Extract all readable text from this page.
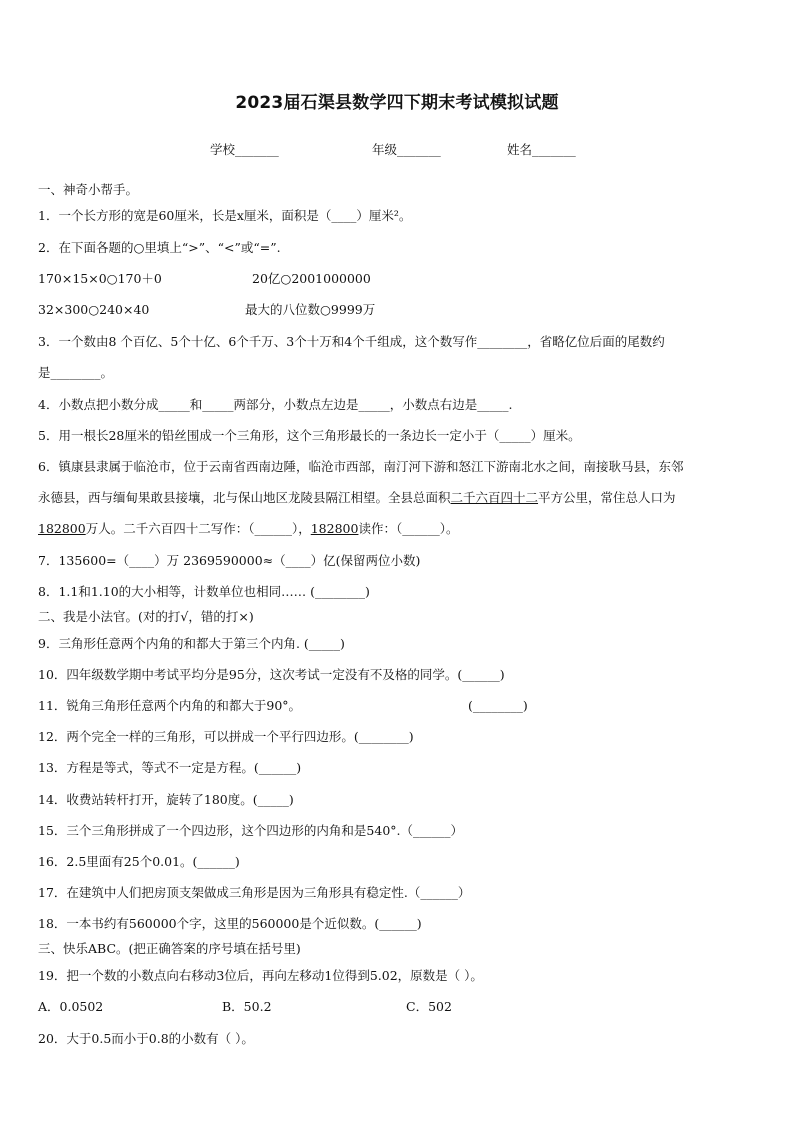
2023届石渠县数学四下期末考试模拟试题
学校_______	年级_______	姓名_______
一、神奇小帮手。
1．一个长方形的宽是60厘米，长是x厘米，面积是（____）厘米²。
2．在下面各题的○里填上“>”、“<”或“=”.
170×15×0○170＋0	20亿○2001000000
32×300○240×40	最大的八位数○9999万
3．一个数由8 个百亿、5个十亿、6个千万、3个十万和4个千组成，这个数写作________，省略亿位后面的尾数约
是________。
4．小数点把小数分成_____和_____两部分，小数点左边是_____，小数点右边是_____.
5．用一根长28厘米的铅丝围成一个三角形，这个三角形最长的一条边长一定小于（_____）厘米。
6．镇康县隶属于临沧市，位于云南省西南边陲，临沧市西部，南汀河下游和怒江下游南北水之间，南接耿马县，东邻
永德县，西与缅甸果敢县接壤，北与保山地区龙陵县隔江相望。全县总面积二千六百四十二平方公里，常住总人口为
182800万人。二千六百四十二写作：（______），182800读作：（______）。
7．135600=（____）万 2369590000≈（____）亿(保留两位小数)
8．1.1和1.10的大小相等，计数单位也相同…… (________)
二、我是小法官。(对的打√，错的打×)
9．三角形任意两个内角的和都大于第三个内角. (_____)
10．四年级数学期中考试平均分是95分，这次考试一定没有不及格的同学。(______)
11．锐角三角形任意两个内角的和都大于90°。	(________)
12．两个完全一样的三角形，可以拼成一个平行四边形。(________)
13．方程是等式，等式不一定是方程。(______)
14．收费站转杆打开，旋转了180度。(_____)
15．三个三角形拼成了一个四边形，这个四边形的内角和是540°.（______）
16．2.5里面有25个0.01。(______)
17．在建筑中人们把房顶支架做成三角形是因为三角形具有稳定性.（______）
18．一本书约有560000个字，这里的560000是个近似数。(______)
三、快乐ABC。(把正确答案的序号填在括号里)
19．把一个数的小数点向右移动3位后，再向左移动1位得到5.02，原数是（ ）。
A．0.0502	B．50.2	C．502
20．大于0.5而小于0.8的小数有（ ）。
